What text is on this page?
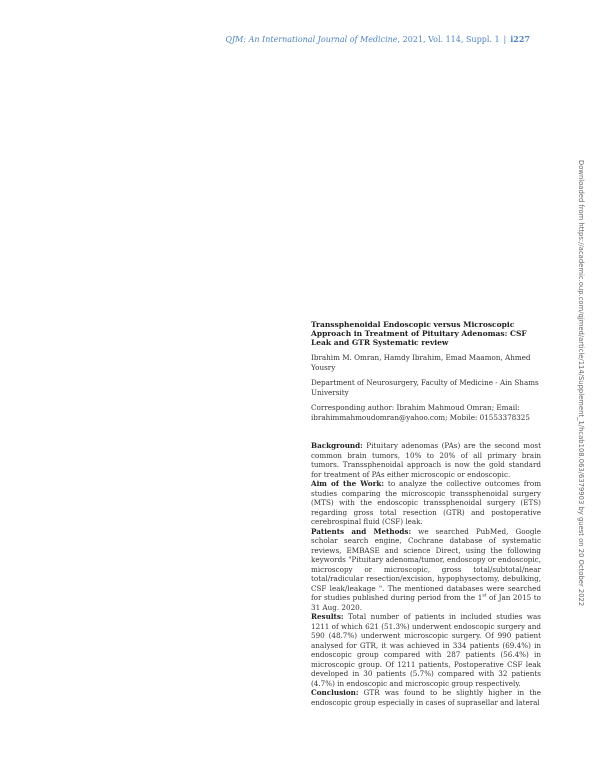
QJM: An International Journal of Medicine, 2021, Vol. 114, Suppl. 1 | i227
Downloaded from https://academic.oup.com/qjmed/article/114/Supplement_1/hcab108.063/6379903 by guest on 20 October 2022
Transsphenoidal Endoscopic versus Microscopic Approach in Treatment of Pituitary Adenomas: CSF Leak and GTR Systematic review
Ibrahim M. Omran, Hamdy Ibrahim, Emad Maamon, Ahmed Yousry
Department of Neurosurgery, Faculty of Medicine - Ain Shams University
Corresponding author: Ibrahim Mahmoud Omran; Email: ibrahimmahmoudomran@yahoo.com; Mobile: 01553378325
Background: Pituitary adenomas (PAs) are the second most common brain tumors, 10% to 20% of all primary brain tumors. Transsphenoidal approach is now the gold standard for treatment of PAs either microscopic or endoscopic.
Aim of the Work: to analyze the collective outcomes from studies comparing the microscopic transsphenoidal surgery (MTS) with the endoscopic transsphenoidal surgery (ETS) regarding gross total resection (GTR) and postoperative cerebrospinal fluid (CSF) leak.
Patients and Methods: we searched PubMed, Google scholar search engine, Cochrane database of systematic reviews, EMBASE and science Direct, using the following keywords "Pituitary adenoma/tumor, endoscopy or endoscopic, microscopy or microscopic, gross total/subtotal/near total/radicular resection/excision, hypophysectomy, debulking, CSF leak/leakage ". The mentioned databases were searched for studies published during period from the 1st of Jan 2015 to 31 Aug. 2020.
Results: Total number of patients in included studies was 1211 of which 621 (51.3%) underwent endoscopic surgery and 590 (48.7%) underwent microscopic surgery. Of 990 patient analysed for GTR, it was achieved in 334 patients (69.4%) in endoscopic group compared with 287 patients (56.4%) in microscopic group. Of 1211 patients, Postoperative CSF leak developed in 30 patients (5.7%) compared with 32 patients (4.7%) in endoscopic and microscopic group respectively.
Conclusion: GTR was found to be slightly higher in the endoscopic group especially in cases of suprasellar and lateral
